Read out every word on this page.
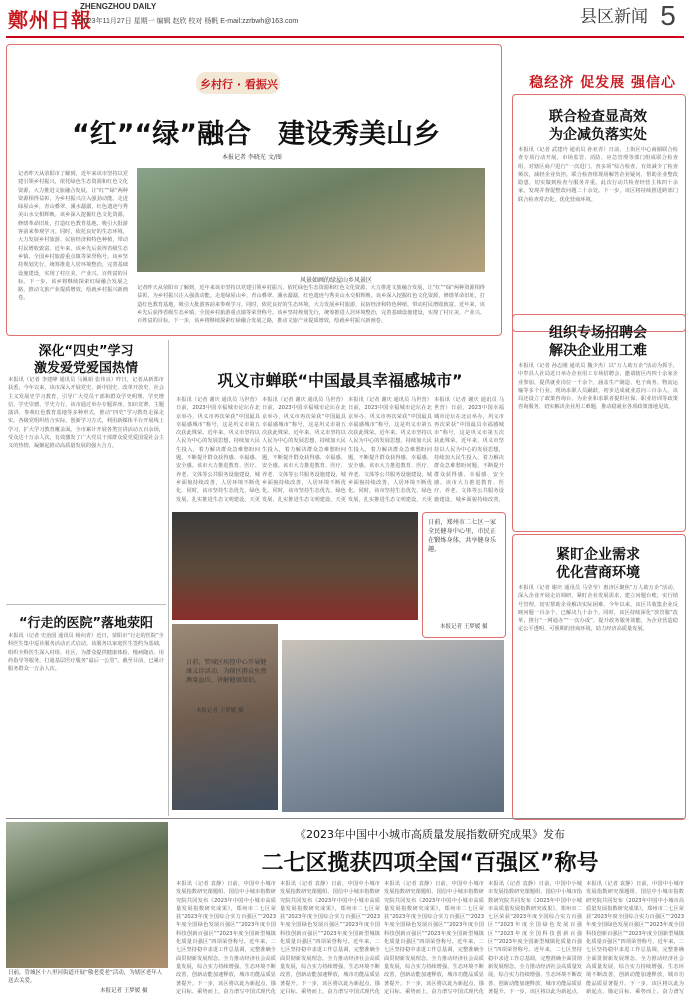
鄭州日報
ZHENGZHOU DAILY
2023年11月27日 星期一 编辑 赵欣 校对 杨帆 E-mail:zzrbwh@163.com	县区新闻 5
乡村行 · 看振兴
“红”“绿”融合　建设秀美山乡
本报记者 李晓光 文/图
记者昨天从荥阳市了解到，近年来该市坚持以党建引领乡村振兴，依托绿色生态资源和红色文化资源，大力推进文旅融合发展，让“红”“绿”两种资源相得益彰，为乡村振兴注入强劲动能。走进绿屋山乡，青山叠翠、溪水潺潺，红色遗迹与秀美山水交相辉映。该乡深入挖掘红色文化资源，修缮革命旧址，打造红色教育基地，吸引大批游客前来参观学习。同时，依托良好的生态环境，大力发展乡村旅游、民宿经济和特色种植，带动村民增收致富。近年来，该乡先后获得省级生态乡镇、全国乡村旅游重点镇等荣誉称号。该乡坚持规划先行，统筹推进人居环境整治，完善基础设施建设，实现了村庄美、产业兴、百姓富的目标。下一步，该乡将继续探索红绿融合发展之路，推动文旅产业提质增效，绘就乡村振兴新画卷。
风景如画的绿屋山乡风景区
记者昨天从荥阳市了解到，近年来该市坚持以党建引领乡村振兴，依托绿色生态资源和红色文化资源，大力推进文旅融合发展，让“红”“绿”两种资源相得益彰，为乡村振兴注入强劲动能。走进绿屋山乡，青山叠翠、溪水潺潺，红色遗迹与秀美山水交相辉映。该乡深入挖掘红色文化资源，修缮革命旧址，打造红色教育基地，吸引大批游客前来参观学习。同时，依托良好的生态环境，大力发展乡村旅游、民宿经济和特色种植，带动村民增收致富。近年来，该乡先后获得省级生态乡镇、全国乡村旅游重点镇等荣誉称号。该乡坚持规划先行，统筹推进人居环境整治，完善基础设施建设，实现了村庄美、产业兴、百姓富的目标。下一步，该乡将继续探索红绿融合发展之路，推动文旅产业提质增效，绘就乡村振兴新画卷。
稳经济 促发展 强信心
联合检查显高效
为企减负落实处
本报讯（记者 武建玲 通讯员 孙亚青）日前，上街区中心商圈联合检查专项行动开展，市场监管、消防、应急管理等部门组成联合检查组，对辖区商户进行“一次进门、查多项”综合检查，有效减少了检查频次，减轻企业负担。联合检查组现场解答企业疑问，帮助企业整改隐患，切实做到检查与服务并重。此次行动共检查经营主体四十余家，发现并督促整改问题二十余处。下一步，该区将持续推进跨部门联合检查常态化，优化营商环境。
组织专场招聘会
解决企业用工难
本报讯（记者 孙志刚 通讯员 魏少杰）以“万人助万企”活动为抓手，中牟县人社局近日举办企业用工专场招聘会，邀请辖区内四十余家企业参加，提供就业岗位一千余个，涵盖生产制造、电子商务、物流运输等多个行业。现场求职人员踊跃，初步达成就业意向三百余人。该局还设立了政策咨询台，为企业和求职者提供社保、职业培训等政策咨询服务，切实解决企业用工难题，推动稳就业各项政策落地见效。
紧盯企业需求
优化营商环境
本报讯（记者 谢庆 通讯员 马莹莹）惠济区聚焦“万人助万企”活动，深入企业开展走访调研，紧盯企业发展需求，建立问题台账，实行销号管理，切实帮助企业解决实际困难。今年以来，该区共收集企业反映问题一百余个，已解决九十余个。同时，该区持续深化“放管服”改革，推行“一网通办”“一次办成”，提升政务服务效能，为企业营造稳定公平透明、可预期的营商环境，助力经济高质量发展。
深化“四史”学习
激发爱党爱国热情
本报讯（记者 李建峰 通讯员 马佩娟 张伟良）昨日，记者从新郑市获悉，今年以来，该市深入开展党史、新中国史、改革开放史、社会主义发展史学习教育，引导广大党员干部和群众学史明理、学史增信、学史崇德、学史力行。该市通过举办专题讲座、知识竞赛、主题演讲、参观红色教育基地等多种形式，推动“四史”学习教育走深走实。各级党组织结合实际，创新学习方式，利用新媒体平台开展线上学习，扩大学习教育覆盖面。全市累计开展各类宣讲活动五百余场，受众达十万余人次，有效激发了广大党员干部群众爱党爱国爱社会主义的热情，凝聚起推动高质量发展的强大合力。
巩义市蝉联“中国最具幸福感城市”
本报讯（记者 谢庆 通讯员 马世营）日前，2023中国幸福城市论坛在北京举办，巩义市再次荣获“中国最具幸福感城市”称号，这是巩义市第五次获此殊荣。近年来，巩义市坚持以人民为中心的发展思想，持续加大民生投入，着力解决群众急难愁盼问题，不断提升群众获得感、幸福感、安全感。该市大力推进教育、医疗、养老、文体等公共服务设施建设，城乡面貌持续改善，人居环境不断优化。同时，该市坚持生态优先、绿色发展，扎实推进生态文明建设，天更
本报讯（记者 谢庆 通讯员 马世营）日前，2023中国幸福城市论坛在北京举办，巩义市再次荣获“中国最具幸福感城市”称号，这是巩义市第五次获此殊荣。近年来，巩义市坚持以人民为中心的发展思想，持续加大民生投入，着力解决群众急难愁盼问题，不断提升群众获得感、幸福感、安全感。该市大力推进教育、医疗、养老、文体等公共服务设施建设，城乡面貌持续改善，人居环境不断优化。同时，该市坚持生态优先、绿色发展，扎实推进生态文明建设，天更
本报讯（记者 谢庆 通讯员 马世营）日前，2023中国幸福城市论坛在北京举办，巩义市再次荣获“中国最具幸福感城市”称号，这是巩义市第五次获此殊荣。近年来，巩义市坚持以人民为中心的发展思想，持续加大民生投入，着力解决群众急难愁盼问题，不断提升群众获得感、幸福感、安全感。该市大力推进教育、医疗、养老、文体等公共服务设施建设，城乡面貌持续改善，人居环境不断优化。同时，该市坚持生态优先、绿色发展，扎实推进生态文明建设，天更
本报讯（记者 谢庆 通讯员 马世营）日前，2023中国幸福城市论坛在北京举办，巩义市再次荣获“中国最具幸福感城市”称号，这是巩义市第五次获此殊荣。近年来，巩义市坚持以人民为中心的发展思想，持续加大民生投入，着力解决群众急难愁盼问题，不断提升群众获得感、幸福感、安全感。该市大力推进教育、医疗、养老、文体等公共服务设施建设，城乡面貌持续改善，
日前，郑州市二七区一家全民健身中心里，市民正在锻炼身体，共享健身乐趣。
本报记者 王梦媛 摄
日前，管城区疾控中心开展健康义诊活动，为辖区群众免费测量血压、讲解健康知识。
本报记者 王梦媛 摄
“行走的医院”落地荥阳
本报讯（记者 史治国 通讯员 杨向青）近日，荥阳市“行走的医院”全科医生集中巡诊服务活动正式启动。该服务以家庭医生签约为基础，组织全科医生深入村组、社区，为群众提供健康体检、慢病随访、用药指导等服务，打通基层医疗服务“最后一公里”。截至目前，已累计服务群众一万余人次。
日前，管城区十八里河街道开展“敬老爱老”活动，为辖区老年人送去关爱。
本报记者 王梦媛 摄
《2023年中国中小城市高质量发展指数研究成果》发布
二七区揽获四项全国“百强区”称号
本报讯（记者 袁静）日前，中国中小城市发展指数研究课题组、国信中小城市指数研究院共同发布《2023年中国中小城市高质量发展指数研究成果》，郑州市二七区荣获“2023年度全国综合实力百强区”“2023年度全国绿色发展百强区”“2023年度全国科技创新百强区”“2023年度全国新型城镇化质量百强区”四项荣誉称号。近年来，二七区坚持稳中求进工作总基调，完整准确全面贯彻新发展理念，全力推动经济社会高质量发展，综合实力持续增强，生态环境不断改善，创新动能加速释放，城市功能品质显著提升。下一步，该区将以此为新起点，锚定目标、乘势而上，奋力谱写中国式现代化
本报讯（记者 袁静）日前，中国中小城市发展指数研究课题组、国信中小城市指数研究院共同发布《2023年中国中小城市高质量发展指数研究成果》，郑州市二七区荣获“2023年度全国综合实力百强区”“2023年度全国绿色发展百强区”“2023年度全国科技创新百强区”“2023年度全国新型城镇化质量百强区”四项荣誉称号。近年来，二七区坚持稳中求进工作总基调，完整准确全面贯彻新发展理念，全力推动经济社会高质量发展，综合实力持续增强，生态环境不断改善，创新动能加速释放，城市功能品质显著提升。下一步，该区将以此为新起点，锚定目标、乘势而上，奋力谱写中国式现代化
本报讯（记者 袁静）日前，中国中小城市发展指数研究课题组、国信中小城市指数研究院共同发布《2023年中国中小城市高质量发展指数研究成果》，郑州市二七区荣获“2023年度全国综合实力百强区”“2023年度全国绿色发展百强区”“2023年度全国科技创新百强区”“2023年度全国新型城镇化质量百强区”四项荣誉称号。近年来，二七区坚持稳中求进工作总基调，完整准确全面贯彻新发展理念，全力推动经济社会高质量发展，综合实力持续增强，生态环境不断改善，创新动能加速释放，城市功能品质显著提升。下一步，该区将以此为新起点，锚定目标、乘势而上，奋力谱写中国式现代化
本报讯（记者 袁静）日前，中国中小城市发展指数研究课题组、国信中小城市指数研究院共同发布《2023年中国中小城市高质量发展指数研究成果》，郑州市二七区荣获“2023年度全国综合实力百强区”“2023年度全国绿色发展百强区”“2023年度全国科技创新百强区”“2023年度全国新型城镇化质量百强区”四项荣誉称号。近年来，二七区坚持稳中求进工作总基调，完整准确全面贯彻新发展理念，全力推动经济社会高质量发展，综合实力持续增强，生态环境不断改善，创新动能加速释放，城市功能品质显著提升。下一步，该区将以此为新起点，
本报讯（记者 袁静）日前，中国中小城市发展指数研究课题组、国信中小城市指数研究院共同发布《2023年中国中小城市高质量发展指数研究成果》，郑州市二七区荣获“2023年度全国综合实力百强区”“2023年度全国绿色发展百强区”“2023年度全国科技创新百强区”“2023年度全国新型城镇化质量百强区”四项荣誉称号。近年来，二七区坚持稳中求进工作总基调，完整准确全面贯彻新发展理念，全力推动经济社会高质量发展，综合实力持续增强，生态环境不断改善，创新动能加速释放，城市功能品质显著提升。下一步，该区将以此为新起点，锚定目标、乘势而上，奋力谱写
